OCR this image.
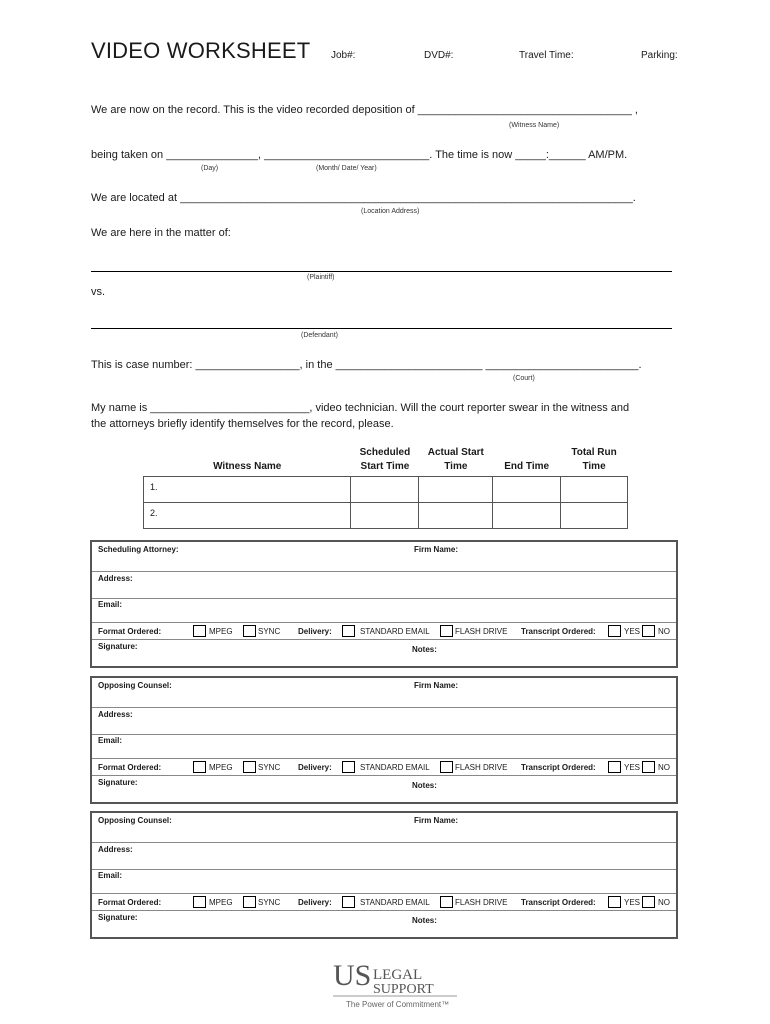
VIDEO WORKSHEET Job#:	DVD#:	Travel Time:	Parking:
We are now on the record. This is the video recorded deposition of ___________________________________ ,
(Witness Name)
being taken on _______________, ___________________________. The time is now _____:______ AM/PM.
(Day)	(Month/ Date/ Year)
We are located at __________________________________________________________________________.
(Location Address)
We are here in the matter of:
(Plaintiff)
vs.
(Defendant)
This is case number: _________________, in the ________________________ _________________________.
(Court)
My name is __________________________, video technician. Will the court reporter swear in the witness and
the attorneys briefly identify themselves for the record, please.
Witness Name	Scheduled Start Time	Actual Start Time	End Time	Total Run Time
1.				
2.				
Scheduling Attorney:	Firm Name:
Address:
Email:
Format Ordered:	MPEG	SYNC Delivery:	STANDARD EMAIL	FLASH DRIVE Transcript Ordered:	YES NO
Signature:	Notes:
Opposing Counsel:	Firm Name:
Address:
Email:
Format Ordered:	MPEG	SYNC Delivery:	STANDARD EMAIL	FLASH DRIVE Transcript Ordered:	YES NO
Signature:	Notes:
Opposing Counsel:	Firm Name:
Address:
Email:
Format Ordered:	MPEG	SYNC Delivery:	STANDARD EMAIL	FLASH DRIVE Transcript Ordered:	YES NO
Signature:	Notes:
US LEGAL
SUPPORT
The Power of Commitment™
